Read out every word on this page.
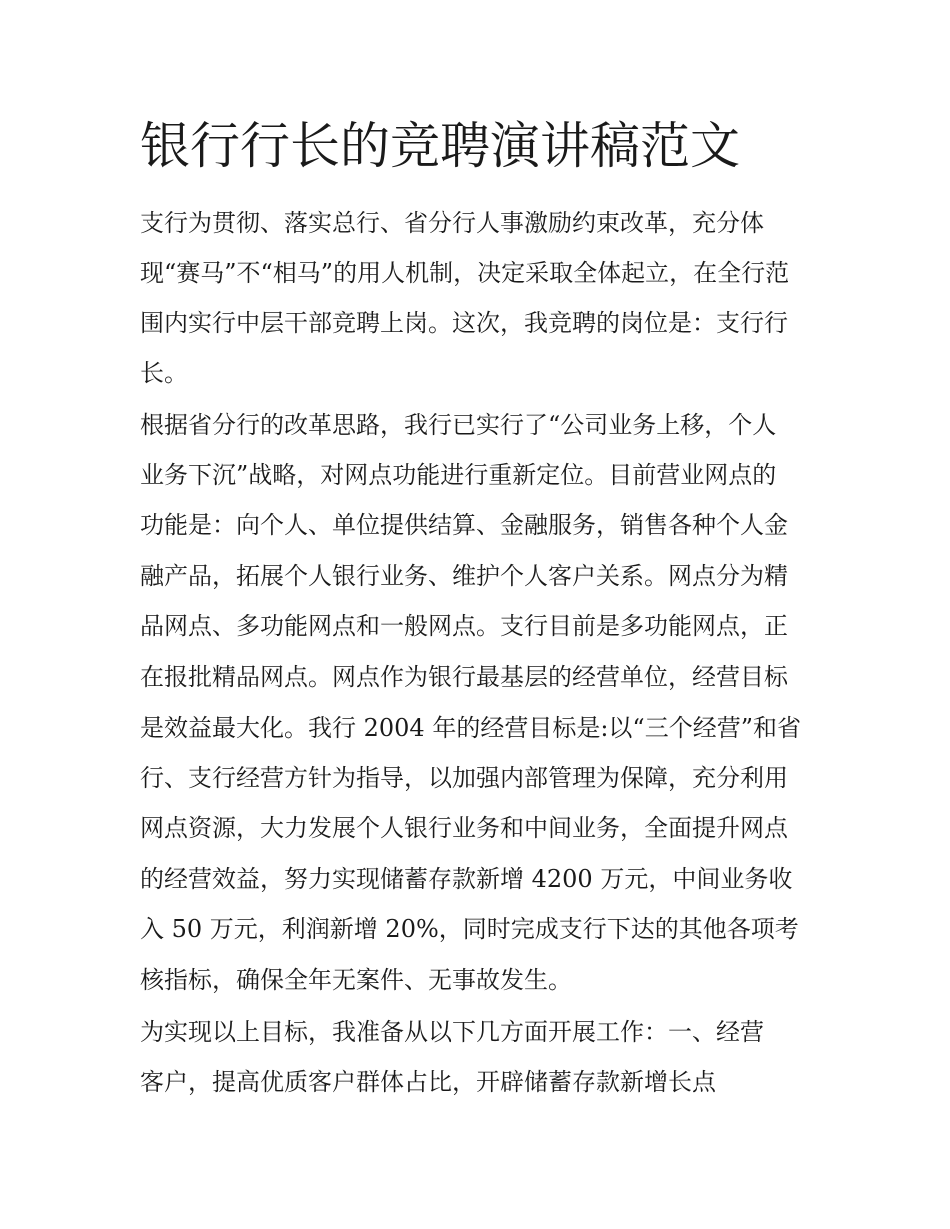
银行行长的竞聘演讲稿范文

支行为贯彻、落实总行、省分行人事激励约束改革，充分体

现“赛马”不“相马”的用人机制，决定采取全体起立，在全行范

围内实行中层干部竞聘上岗。这次，我竞聘的岗位是：支行行

长。

根据省分行的改革思路，我行已实行了“公司业务上移，个人

业务下沉”战略，对网点功能进行重新定位。目前营业网点的

功能是：向个人、单位提供结算、金融服务，销售各种个人金

融产品，拓展个人银行业务、维护个人客户关系。网点分为精

品网点、多功能网点和一般网点。支行目前是多功能网点，正

在报批精品网点。网点作为银行最基层的经营单位，经营目标

是效益最大化。我行 2004 年的经营目标是:以“三个经营”和省

行、支行经营方针为指导，以加强内部管理为保障，充分利用

网点资源，大力发展个人银行业务和中间业务，全面提升网点

的经营效益，努力实现储蓄存款新增 4200 万元，中间业务收

入 50 万元，利润新增 20%，同时完成支行下达的其他各项考

核指标，确保全年无案件、无事故发生。

为实现以上目标，我准备从以下几方面开展工作：一、经营

客户，提高优质客户群体占比，开辟储蓄存款新增长点
